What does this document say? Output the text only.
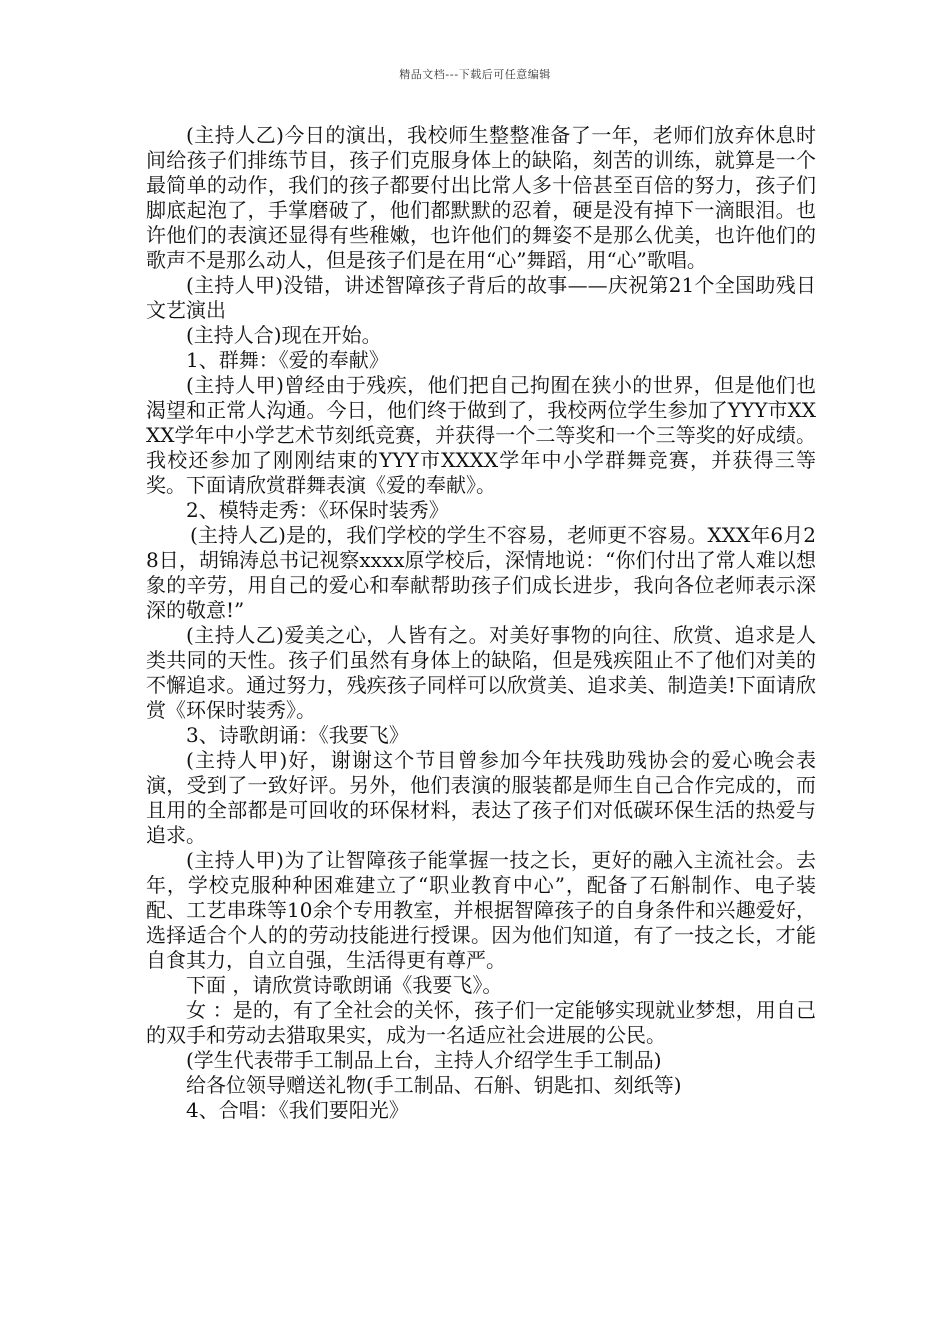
精品文档---下载后可任意编辑

(主持人乙)今日的演出，我校师生整整准备了一年，老师们放弃休息时间给孩子们排练节目，孩子们克服身体上的缺陷，刻苦的训练，就算是一个最简单的动作，我们的孩子都要付出比常人多十倍甚至百倍的努力，孩子们脚底起泡了，手掌磨破了，他们都默默的忍着，硬是没有掉下一滴眼泪。也许他们的表演还显得有些稚嫩，也许他们的舞姿不是那么优美，也许他们的歌声不是那么动人，但是孩子们是在用“心”舞蹈，用“心”歌唱。

(主持人甲)没错，讲述智障孩子背后的故事——庆祝第21个全国助残日文艺演出

(主持人合)现在开始。

1、群舞：《爱的奉献》

(主持人甲)曾经由于残疾，他们把自己拘囿在狭小的世界，但是他们也渴望和正常人沟通。今日，他们终于做到了，我校两位学生参加了YYY市XXXX学年中小学艺术节刻纸竞赛，并获得一个二等奖和一个三等奖的好成绩。我校还参加了刚刚结束的YYY市XXXX学年中小学群舞竞赛，并获得三等奖。下面请欣赏群舞表演《爱的奉献》。

2、模特走秀：《环保时装秀》

(主持人乙)是的，我们学校的学生不容易，老师更不容易。XXX年6月28日，胡锦涛总书记视察xxxx原学校后，深情地说：“你们付出了常人难以想象的辛劳，用自己的爱心和奉献帮助孩子们成长进步，我向各位老师表示深深的敬意!”

(主持人乙)爱美之心，人皆有之。对美好事物的向往、欣赏、追求是人类共同的天性。孩子们虽然有身体上的缺陷，但是残疾阻止不了他们对美的不懈追求。通过努力，残疾孩子同样可以欣赏美、追求美、制造美!下面请欣赏《环保时装秀》。

3、诗歌朗诵：《我要飞》

(主持人甲)好，谢谢这个节目曾参加今年扶残助残协会的爱心晚会表演，受到了一致好评。另外，他们表演的服装都是师生自己合作完成的，而且用的全部都是可回收的环保材料，表达了孩子们对低碳环保生活的热爱与追求。

(主持人甲)为了让智障孩子能掌握一技之长，更好的融入主流社会。去年，学校克服种种困难建立了“职业教育中心”，配备了石斛制作、电子装配、工艺串珠等10余个专用教室，并根据智障孩子的自身条件和兴趣爱好，选择适合个人的的劳动技能进行授课。因为他们知道，有了一技之长，才能自食其力，自立自强，生活得更有尊严。

下面 ，请欣赏诗歌朗诵《我要飞》。

女 ：是的，有了全社会的关怀，孩子们一定能够实现就业梦想，用自己的双手和劳动去猎取果实，成为一名适应社会进展的公民。

(学生代表带手工制品上台，主持人介绍学生手工制品)

给各位领导赠送礼物(手工制品、石斛、钥匙扣、刻纸等)

4、合唱：《我们要阳光》
